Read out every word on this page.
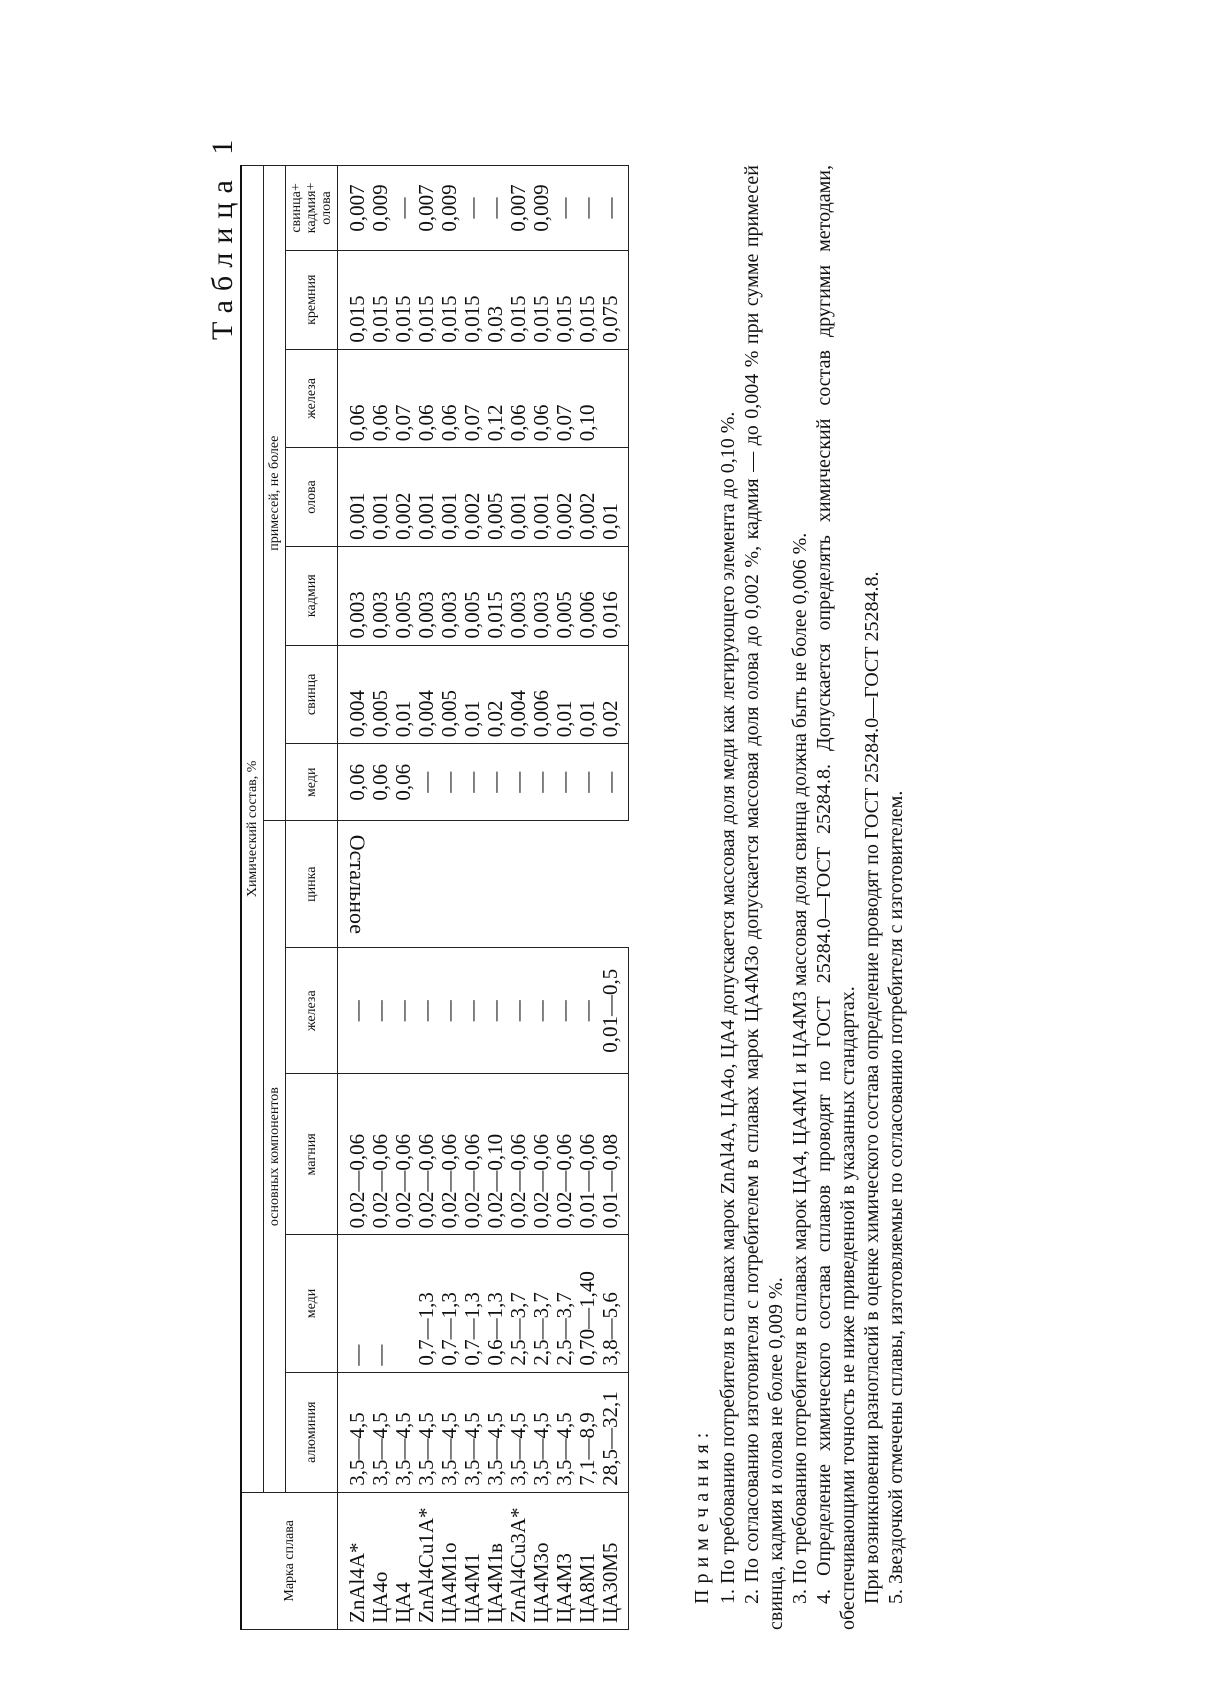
Таблица 1
Марка сплава	Химический состав, %											
	основных компонентов					примесей, не более						
	алюминия	меди	магния	железа	цинка	меди	свинца	кадмия	олова	железа	кремния	свинца+ кадмия+ олова
ZnAl4A*	3,5—4,5	—	0,02—0,06	—	Остальное	0,06	0,004	0,003	0,001	0,06	0,015	0,007
ЦА4о	3,5—4,5	—	0,02—0,06	—		0,06	0,005	0,003	0,001	0,06	0,015	0,009
ЦА4	3,5—4,5		0,02—0,06	—		0,06	0,01	0,005	0,002	0,07	0,015	—
ZnAl4Cu1A*	3,5—4,5	0,7—1,3	0,02—0,06	—		—	0,004	0,003	0,001	0,06	0,015	0,007
ЦА4М1о	3,5—4,5	0,7—1,3	0,02—0,06	—		—	0,005	0,003	0,001	0,06	0,015	0,009
ЦА4М1	3,5—4,5	0,7—1,3	0,02—0,06	—		—	0,01	0,005	0,002	0,07	0,015	—
ЦА4М1в	3,5—4,5	0,6—1,3	0,02—0,10	—		—	0,02	0,015	0,005	0,12	0,03	—
ZnAl4Cu3A*	3,5—4,5	2,5—3,7	0,02—0,06	—		—	0,004	0,003	0,001	0,06	0,015	0,007
ЦА4М3о	3,5—4,5	2,5—3,7	0,02—0,06	—		—	0,006	0,003	0,001	0,06	0,015	0,009
ЦА4М3	3,5—4,5	2,5—3,7	0,02—0,06	—		—	0,01	0,005	0,002	0,07	0,015	—
ЦА8М1	7,1—8,9	0,70—1,40	0,01—0,06	—		—	0,01	0,006	0,002	0,10	0,015	—
ЦА30М5	28,5—32,1	3,8—5,6	0,01—0,08	0,01—0,5		—	0,02	0,016	0,01		0,075	—

Примечания: 1. По требованию потребителя в сплавах марок ZnAl4A, ЦА4о, ЦА4 допускается массовая доля меди как легирующего элемента до 0,10 %. 2. По согласованию изготовителя с потребителем в сплавах марок ЦА4М3о допускается массовая доля олова до 0,002 %, кадмия — до 0,004 % при сумме примесей свинца, кадмия и олова не более 0,009 %. 3. По требованию потребителя в сплавах марок ЦА4, ЦА4М1 и ЦА4М3 массовая доля свинца должна быть не более 0,006 %. 4. Определение химического состава сплавов проводят по ГОСТ 25284.0—ГОСТ 25284.8. Допускается определять химический состав другими методами, обеспечивающими точность не ниже приведенной в указанных стандартах. При возникновении разногласий в оценке химического состава определение проводят по ГОСТ 25284.0—ГОСТ 25284.8. 5. Звездочкой отмечены сплавы, изготовляемые по согласованию потребителя с изготовителем.
